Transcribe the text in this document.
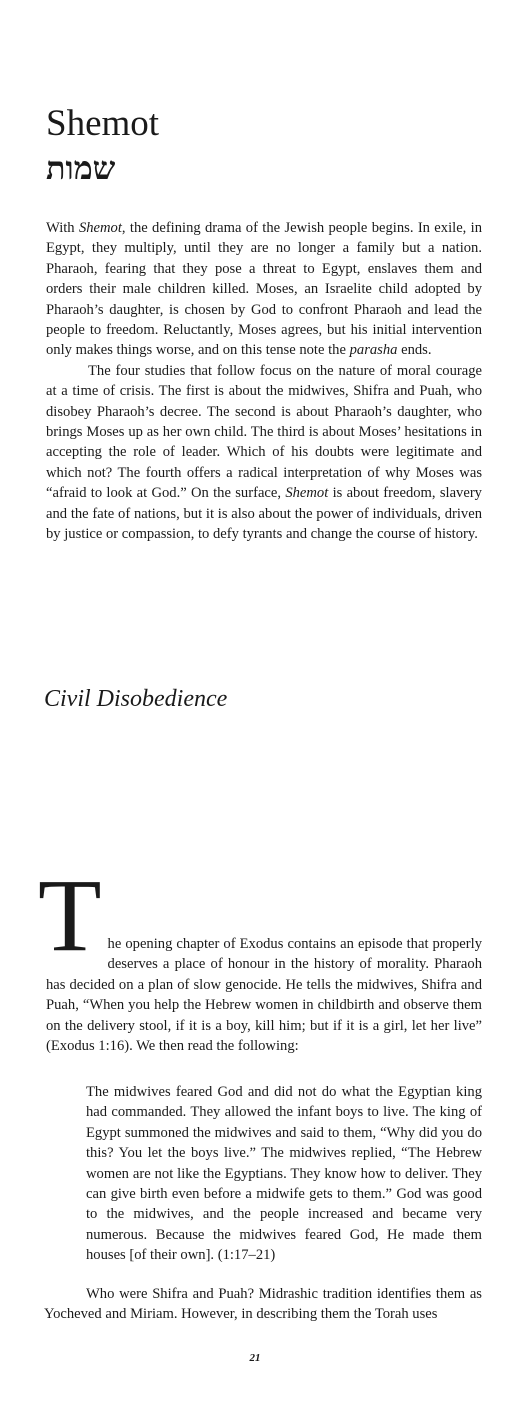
Shemot
שמות

With Shemot, the defining drama of the Jewish people begins. In exile, in Egypt, they multiply, until they are no longer a family but a nation. Pharaoh, fearing that they pose a threat to Egypt, enslaves them and orders their male children killed. Moses, an Israelite child adopted by Pharaoh’s daughter, is chosen by God to confront Pharaoh and lead the people to freedom. Reluctantly, Moses agrees, but his initial intervention only makes things worse, and on this tense note the parasha ends.

The four studies that follow focus on the nature of moral courage at a time of crisis. The first is about the midwives, Shifra and Puah, who disobey Pharaoh’s decree. The second is about Pharaoh’s daughter, who brings Moses up as her own child. The third is about Moses’ hesitations in accepting the role of leader. Which of his doubts were legitimate and which not? The fourth offers a radical interpretation of why Moses was “afraid to look at God.” On the surface, Shemot is about freedom, slavery and the fate of nations, but it is also about the power of individuals, driven by justice or compassion, to defy tyrants and change the course of history.

Civil Disobedience

The opening chapter of Exodus contains an episode that properly deserves a place of honour in the history of morality. Pharaoh has decided on a plan of slow genocide. He tells the midwives, Shifra and Puah, “When you help the Hebrew women in childbirth and observe them on the delivery stool, if it is a boy, kill him; but if it is a girl, let her live” (Exodus 1:16). We then read the following:

The midwives feared God and did not do what the Egyptian king had commanded. They allowed the infant boys to live. The king of Egypt summoned the midwives and said to them, “Why did you do this? You let the boys live.” The midwives replied, “The Hebrew women are not like the Egyptians. They know how to deliver. They can give birth even before a midwife gets to them.” God was good to the midwives, and the people increased and became very numerous. Because the midwives feared God, He made them houses [of their own]. (1:17–21)

Who were Shifra and Puah? Midrashic tradition identifies them as Yocheved and Miriam. However, in describing them the Torah uses

21
